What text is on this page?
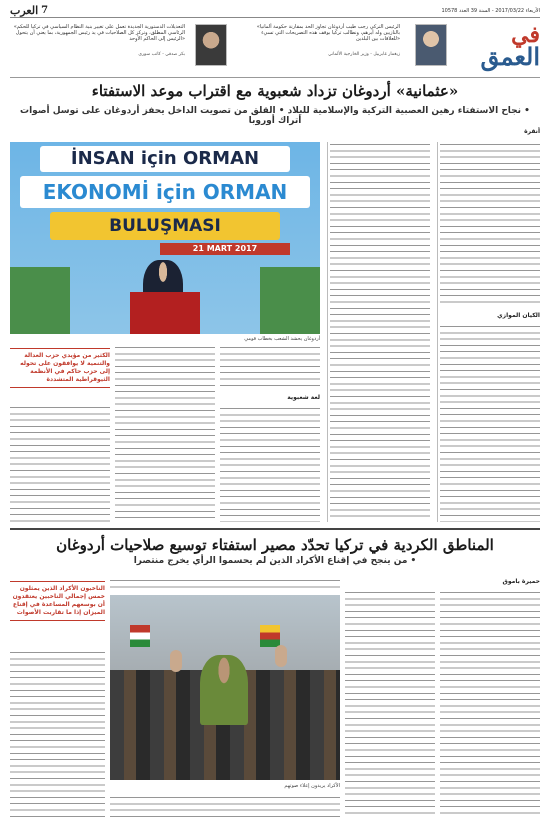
العرب 7	الأربعاء 2017/03/22 - السنة 39 العدد 10578
«التعديلات الدستورية الجديدة تعمل على تغيير بنية النظام السياسي في تركيا للحكم الرئاسي المطلق، وتركز كل الصلاحيات في يد رئيس الجمهورية، بما يعني أن يتحول الرئيس إلى الحاكم الأوحد»
بكر صدقي - كاتب سوري
«الرئيس التركي رجب طيب أردوغان تجاوز الحد بمقارنة حكومة ألمانيا بالنازيين وله أيرهم، ونطالب تركيا بوقف هذه التصريحات التي تسيء للعلاقات بين البلدين»
زيغمار غابرييل - وزير الخارجية الألماني
في
العمق
«عثمانية» أردوغان تزداد شعبوية مع اقتراب موعد الاستفتاء
• نجاح الاستفتاء رهين العصبية التركية والإسلامية للبلاد • القلق من تصويت الداخل يحفز أردوغان على توسل أصوات أتراك أوروبا
أنقرة
İNSAN için ORMAN
EKONOMİ için ORMAN
BULUŞMASI
21 MART 2017
أردوغان يحشد الشعب بخطاب قومي
الكيان الموازي
لغة شعبوية
الكثير من مؤيدي حزب العدالة والتنمية لا يوافقون على تحوله إلى حزب حاكم في الأنظمة الثيوقراطية المتشددة
المناطق الكردية في تركيا تحدّد مصير استفتاء توسيع صلاحيات أردوغان
• من ينجح في إقناع الأكراد الذين لم يحسموا الرأي يخرج منتصرا
حميرة باموق
الأكراد يريدون إعلاء صوتهم
الناخبون الأكراد الذين يمثلون خمس إجمالي الناخبين يعتقدون أن بوسعهم المساعدة في إقناع الميزان إذا ما تقاربت الأصوات
